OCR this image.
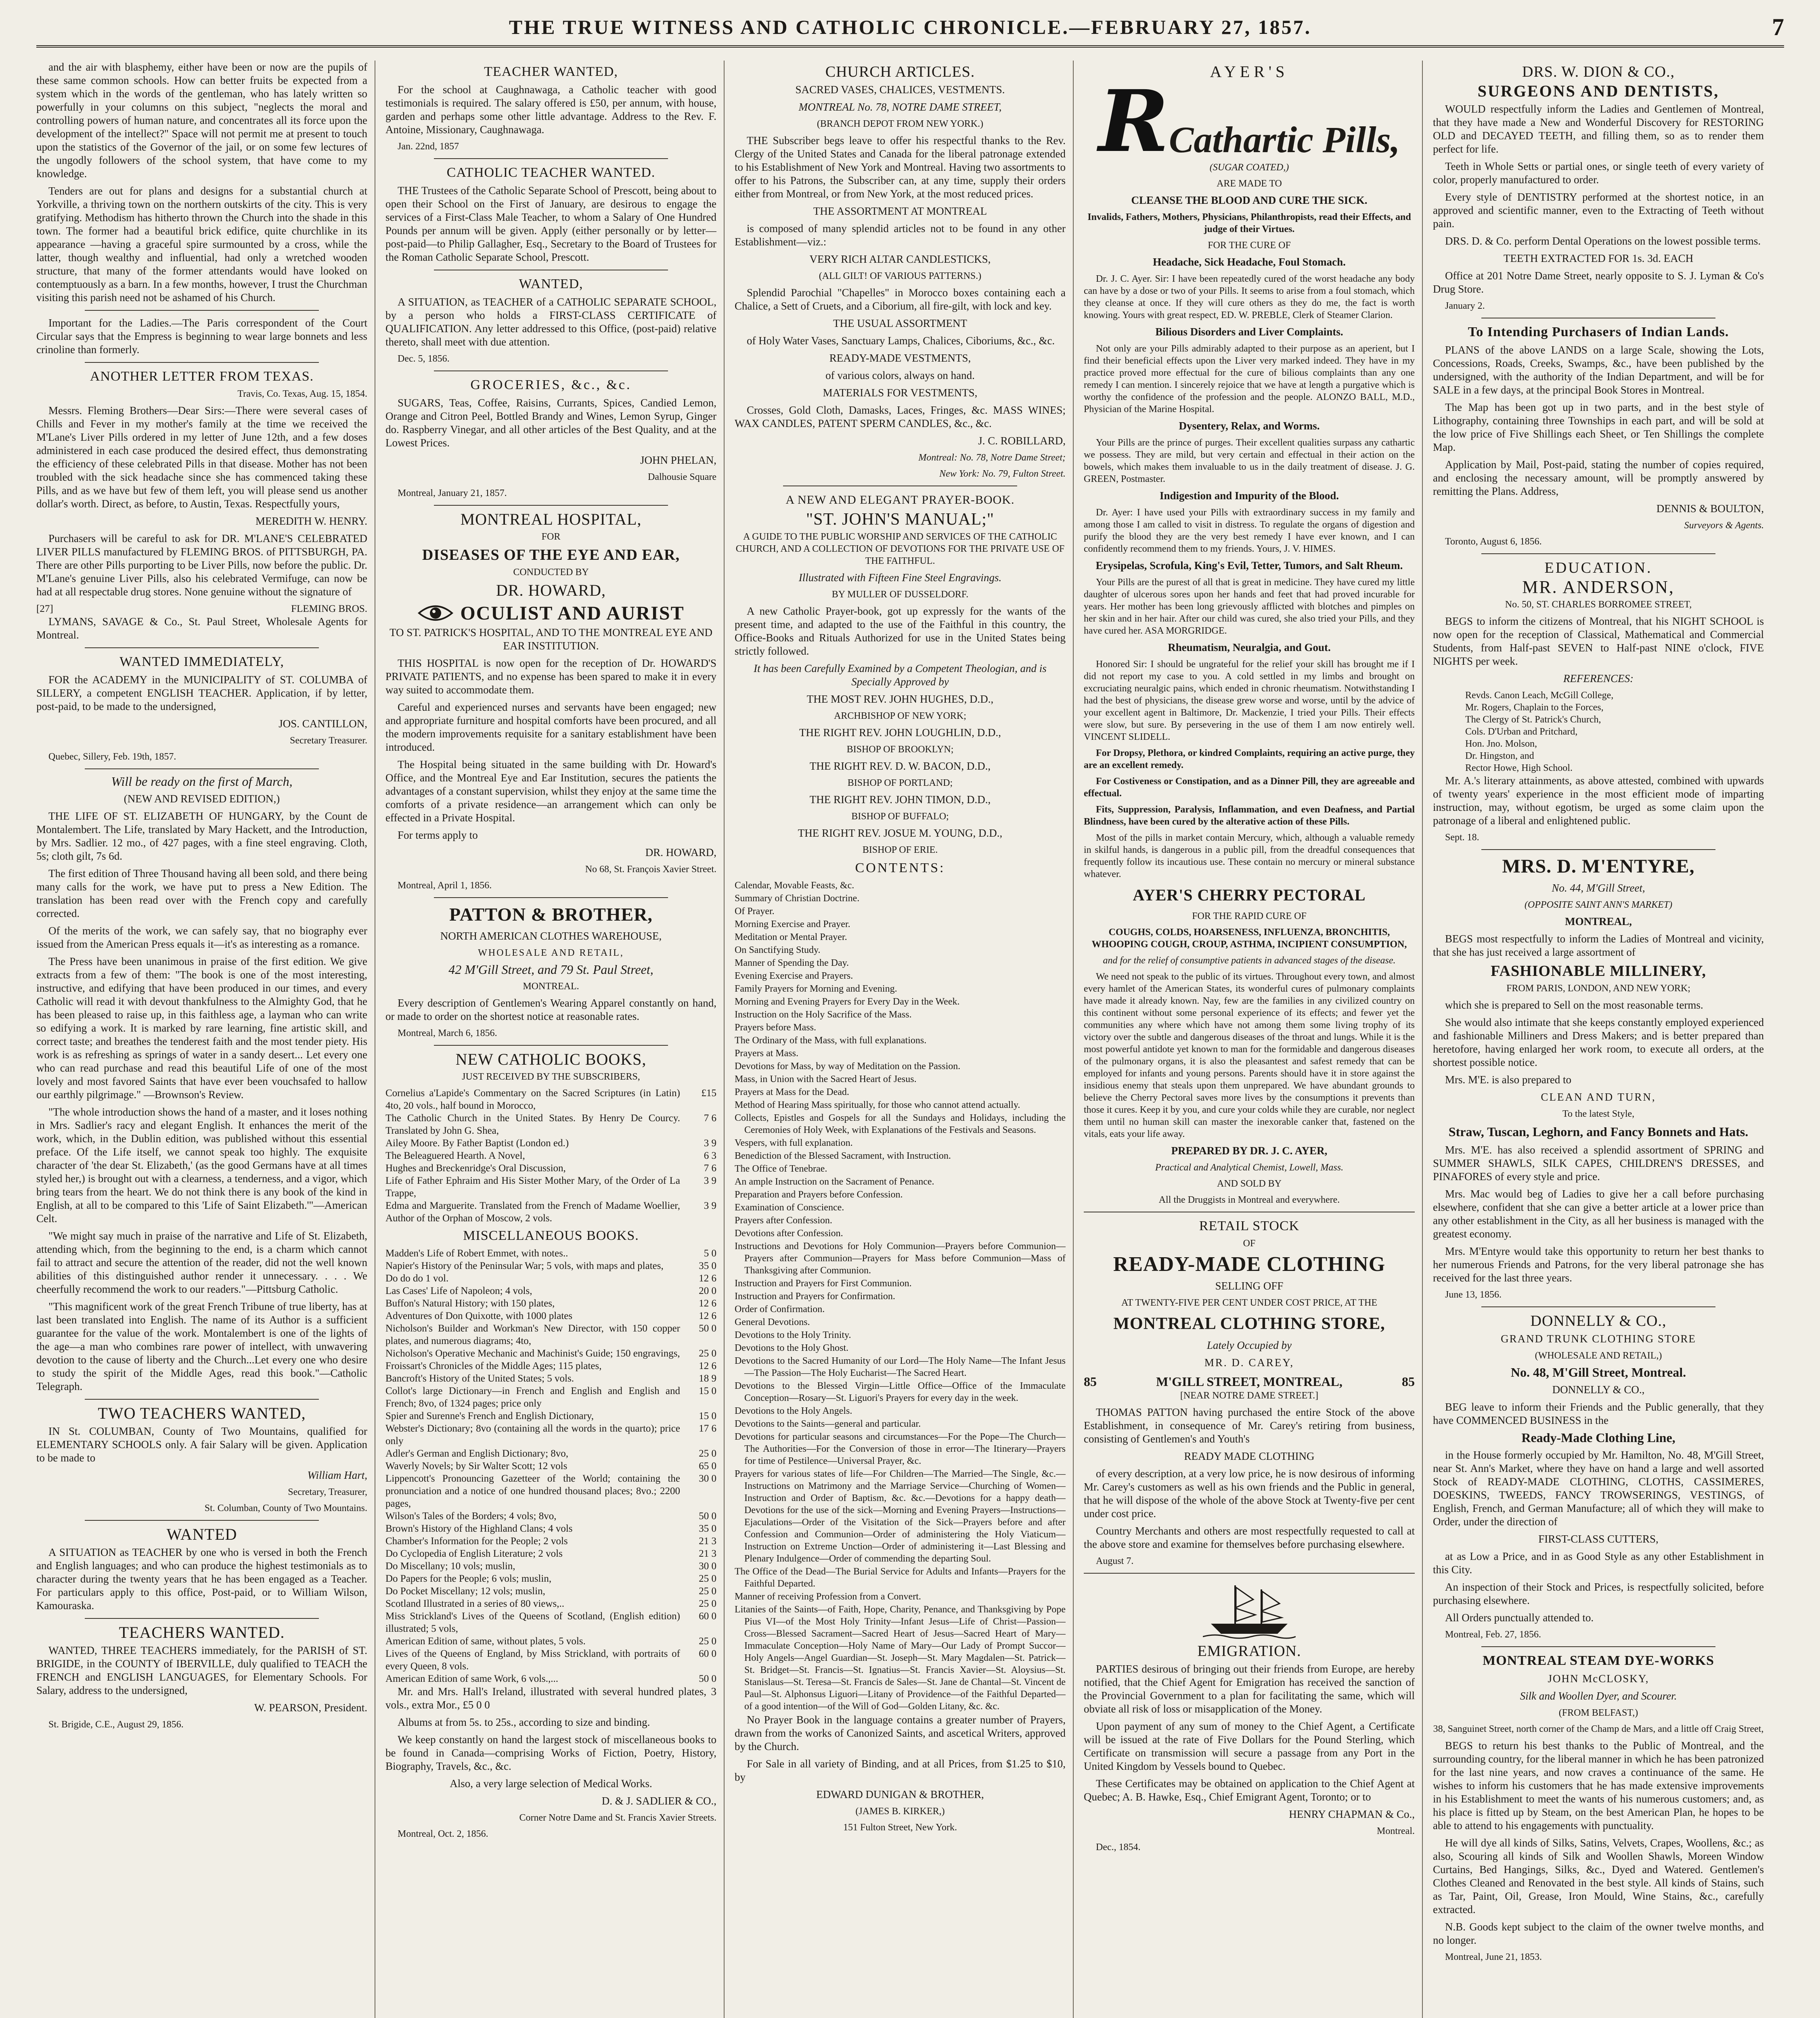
THE TRUE WITNESS AND CATHOLIC CHRONICLE.—FEBRUARY 27, 1857.	7

and the air with blasphemy, either have been or now are the pupils of these same common schools. How can better fruits be expected from a system which in the words of the gentleman, who has lately written so powerfully in your columns on this subject, "neglects the moral and controlling powers of human nature, and concentrates all its force upon the development of the intellect?" Space will not permit me at present to touch upon the statistics of the Governor of the jail, or on some few lectures of the ungodly followers of the school system, that have come to my knowledge.

Tenders are out for plans and designs for a substantial church at Yorkville, a thriving town on the northern outskirts of the city. This is very gratifying. Methodism has hitherto thrown the Church into the shade in this town. The former had a beautiful brick edifice, quite churchlike in its appearance —having a graceful spire surmounted by a cross, while the latter, though wealthy and influential, had only a wretched wooden structure, that many of the former attendants would have looked on contemptuously as a barn. In a few months, however, I trust the Churchman visiting this parish need not be ashamed of his Church.

Important for the Ladies.—The Paris correspondent of the Court Circular says that the Empress is beginning to wear large bonnets and less crinoline than formerly.

ANOTHER LETTER FROM TEXAS.

Travis, Co. Texas, Aug. 15, 1854.

Messrs. Fleming Brothers—Dear Sirs:—There were several cases of Chills and Fever in my mother's family at the time we received the M'Lane's Liver Pills ordered in my letter of June 12th, and a few doses administered in each case produced the desired effect, thus demonstrating the efficiency of these celebrated Pills in that disease. Mother has not been troubled with the sick headache since she has commenced taking these Pills, and as we have but few of them left, you will please send us another dollar's worth. Direct, as before, to Austin, Texas. Respectfully yours,

MEREDITH W. HENRY.

Purchasers will be careful to ask for DR. M'LANE'S CELEBRATED LIVER PILLS manufactured by FLEMING BROS. of PITTSBURGH, PA. There are other Pills purporting to be Liver Pills, now before the public. Dr. M'Lane's genuine Liver Pills, also his celebrated Vermifuge, can now be had at all respectable drug stores. None genuine without the signature of

[27]	FLEMING BROS.

LYMANS, SAVAGE & Co., St. Paul Street, Wholesale Agents for Montreal.

WANTED IMMEDIATELY,

FOR the ACADEMY in the MUNICIPALITY of ST. COLUMBA of SILLERY, a competent ENGLISH TEACHER. Application, if by letter, post-paid, to be made to the undersigned,

JOS. CANTILLON,

Secretary Treasurer.

Quebec, Sillery, Feb. 19th, 1857.

Will be ready on the first of March,

(NEW AND REVISED EDITION,)

THE LIFE OF ST. ELIZABETH OF HUNGARY, by the Count de Montalembert. The Life, translated by Mary Hackett, and the Introduction, by Mrs. Sadlier. 12 mo., of 427 pages, with a fine steel engraving. Cloth, 5s; cloth gilt, 7s 6d.

The first edition of Three Thousand having all been sold, and there being many calls for the work, we have put to press a New Edition. The translation has been read over with the French copy and carefully corrected.

Of the merits of the work, we can safely say, that no biography ever issued from the American Press equals it—it's as interesting as a romance.

The Press have been unanimous in praise of the first edition. We give extracts from a few of them: "The book is one of the most interesting, instructive, and edifying that have been produced in our times, and every Catholic will read it with devout thankfulness to the Almighty God, that he has been pleased to raise up, in this faithless age, a layman who can write so edifying a work. It is marked by rare learning, fine artistic skill, and correct taste; and breathes the tenderest faith and the most tender piety. His work is as refreshing as springs of water in a sandy desert... Let every one who can read purchase and read this beautiful Life of one of the most lovely and most favored Saints that have ever been vouchsafed to hallow our earthly pilgrimage." —Brownson's Review.

"The whole introduction shows the hand of a master, and it loses nothing in Mrs. Sadlier's racy and elegant English. It enhances the merit of the work, which, in the Dublin edition, was published without this essential preface. Of the Life itself, we cannot speak too highly. The exquisite character of 'the dear St. Elizabeth,' (as the good Germans have at all times styled her,) is brought out with a clearness, a tenderness, and a vigor, which bring tears from the heart. We do not think there is any book of the kind in English, at all to be compared to this 'Life of Saint Elizabeth.'"—American Celt.

"We might say much in praise of the narrative and Life of St. Elizabeth, attending which, from the beginning to the end, is a charm which cannot fail to attract and secure the attention of the reader, did not the well known abilities of this distinguished author render it unnecessary. . . . We cheerfully recommend the work to our readers."—Pittsburg Catholic.

"This magnificent work of the great French Tribune of true liberty, has at last been translated into English. The name of its Author is a sufficient guarantee for the value of the work. Montalembert is one of the lights of the age—a man who combines rare power of intellect, with unwavering devotion to the cause of liberty and the Church...Let every one who desire to study the spirit of the Middle Ages, read this book."—Catholic Telegraph.

TWO TEACHERS WANTED,

IN St. COLUMBAN, County of Two Mountains, qualified for ELEMENTARY SCHOOLS only. A fair Salary will be given. Application to be made to

William Hart,

Secretary, Treasurer,

St. Columban, County of Two Mountains.

WANTED

A SITUATION as TEACHER by one who is versed in both the French and English languages; and who can produce the highest testimonials as to character during the twenty years that he has been engaged as a Teacher. For particulars apply to this office, Post-paid, or to William Wilson, Kamouraska.

TEACHERS WANTED.

WANTED, THREE TEACHERS immediately, for the PARISH of ST. BRIGIDE, in the COUNTY of IBERVILLE, duly qualified to TEACH the FRENCH and ENGLISH LANGUAGES, for Elementary Schools. For Salary, address to the undersigned,

W. PEARSON, President.

St. Brigide, C.E., August 29, 1856.

TEACHER WANTED,

For the school at Caughnawaga, a Catholic teacher with good testimonials is required. The salary offered is £50, per annum, with house, garden and perhaps some other little advantage. Address to the Rev. F. Antoine, Missionary, Caughnawaga.

Jan. 22nd, 1857

CATHOLIC TEACHER WANTED.

THE Trustees of the Catholic Separate School of Prescott, being about to open their School on the First of January, are desirous to engage the services of a First-Class Male Teacher, to whom a Salary of One Hundred Pounds per annum will be given. Apply (either personally or by letter—post-paid—to Philip Gallagher, Esq., Secretary to the Board of Trustees for the Roman Catholic Separate School, Prescott.

WANTED,

A SITUATION, as TEACHER of a CATHOLIC SEPARATE SCHOOL, by a person who holds a FIRST-CLASS CERTIFICATE of QUALIFICATION. Any letter addressed to this Office, (post-paid) relative thereto, shall meet with due attention.

Dec. 5, 1856.

GROCERIES, &c., &c.

SUGARS, Teas, Coffee, Raisins, Currants, Spices, Candied Lemon, Orange and Citron Peel, Bottled Brandy and Wines, Lemon Syrup, Ginger do. Raspberry Vinegar, and all other articles of the Best Quality, and at the Lowest Prices.

JOHN PHELAN,

Dalhousie Square

Montreal, January 21, 1857.

MONTREAL HOSPITAL,

FOR

DISEASES OF THE EYE AND EAR,

CONDUCTED BY

DR. HOWARD,
OCULIST AND AURIST

TO ST. PATRICK'S HOSPITAL, AND TO THE MONTREAL EYE AND EAR INSTITUTION.

THIS HOSPITAL is now open for the reception of Dr. HOWARD'S PRIVATE PATIENTS, and no expense has been spared to make it in every way suited to accommodate them.

Careful and experienced nurses and servants have been engaged; new and appropriate furniture and hospital comforts have been procured, and all the modern improvements requisite for a sanitary establishment have been introduced.

The Hospital being situated in the same building with Dr. Howard's Office, and the Montreal Eye and Ear Institution, secures the patients the advantages of a constant supervision, whilst they enjoy at the same time the comforts of a private residence—an arrangement which can only be effected in a Private Hospital.

For terms apply to

DR. HOWARD,

No 68, St. François Xavier Street.

Montreal, April 1, 1856.

PATTON & BROTHER,

NORTH AMERICAN CLOTHES WAREHOUSE,

WHOLESALE AND RETAIL,

42 M'Gill Street, and 79 St. Paul Street,

MONTREAL.

Every description of Gentlemen's Wearing Apparel constantly on hand, or made to order on the shortest notice at reasonable rates.

Montreal, March 6, 1856.

NEW CATHOLIC BOOKS,

JUST RECEIVED BY THE SUBSCRIBERS,

Cornelius a'Lapide's Commentary on the Sacred Scriptures (in Latin) 4to, 20 vols., half bound in Morocco,
£15
The Catholic Church in the United States. By Henry De Courcy. Translated by John G. Shea,
7 6
Ailey Moore. By Father Baptist (London ed.)	3 9
The Beleaguered Hearth. A Novel,	6 3
Hughes and Breckenridge's Oral Discussion,	7 6
Life of Father Ephraim and His Sister Mother Mary, of the Order of La Trappe,
3 9
Edma and Marguerite. Translated from the French of Madame Woellier, Author of the Orphan of Moscow, 2 vols.
3 9
MISCELLANEOUS BOOKS.
Madden's Life of Robert Emmet, with notes..	5 0
Napier's History of the Peninsular War; 5 vols, with maps and plates,	35 0
Do do do 1 vol.	12 6
Las Cases' Life of Napoleon; 4 vols,	20 0
Buffon's Natural History; with 150 plates,	12 6
Adventures of Don Quixotte, with 1000 plates	12 6
Nicholson's Builder and Workman's New Director, with 150 copper plates, and numerous diagrams; 4to,
50 0
Nicholson's Operative Mechanic and Machinist's Guide; 150 engravings,	25 0
Froissart's Chronicles of the Middle Ages; 115 plates,	12 6
Bancroft's History of the United States; 5 vols.	18 9
Collot's large Dictionary—in French and English and English and French; 8vo, of 1324 pages; price only
15 0
Spier and Surenne's French and English Dictionary,	15 0
Webster's Dictionary; 8vo (containing all the words in the quarto); price only
17 6
Adler's German and English Dictionary; 8vo,	25 0
Waverly Novels; by Sir Walter Scott; 12 vols	65 0
Lippencott's Pronouncing Gazetteer of the World; containing the pronunciation and a notice of one hundred thousand places; 8vo.; 2200 pages,
30 0
Wilson's Tales of the Borders; 4 vols; 8vo,	50 0
Brown's History of the Highland Clans; 4 vols	35 0
Chamber's Information for the People; 2 vols	21 3
Do Cyclopedia of English Literature; 2 vols	21 3
Do Miscellany; 10 vols; muslin,	30 0
Do Papers for the People; 6 vols; muslin,	25 0
Do Pocket Miscellany; 12 vols; muslin,	25 0
Scotland Illustrated in a series of 80 views,..	25 0
Miss Strickland's Lives of the Queens of Scotland, (English edition) illustrated; 5 vols,
60 0
American Edition of same, without plates, 5 vols.	25 0
Lives of the Queens of England, by Miss Strickland, with portraits of every Queen, 8 vols.
60 0
American Edition of same Work, 6 vols.,...	50 0

Mr. and Mrs. Hall's Ireland, illustrated with several hundred plates, 3 vols., extra Mor., £5 0 0

Albums at from 5s. to 25s., according to size and binding.

We keep constantly on hand the largest stock of miscellaneous books to be found in Canada—comprising Works of Fiction, Poetry, History, Biography, Travels, &c., &c.

Also, a very large selection of Medical Works.

D. & J. SADLIER & CO.,

Corner Notre Dame and St. Francis Xavier Streets.

Montreal, Oct. 2, 1856.

CHURCH ARTICLES.

SACRED VASES, CHALICES, VESTMENTS.

MONTREAL No. 78, NOTRE DAME STREET,

(BRANCH DEPOT FROM NEW YORK.)

THE Subscriber begs leave to offer his respectful thanks to the Rev. Clergy of the United States and Canada for the liberal patronage extended to his Establishment of New York and Montreal. Having two assortments to offer to his Patrons, the Subscriber can, at any time, supply their orders either from Montreal, or from New York, at the most reduced prices.

THE ASSORTMENT AT MONTREAL

is composed of many splendid articles not to be found in any other Establishment—viz.:

VERY RICH ALTAR CANDLESTICKS,

(ALL GILT! OF VARIOUS PATTERNS.)

Splendid Parochial "Chapelles" in Morocco boxes containing each a Chalice, a Sett of Cruets, and a Ciborium, all fire-gilt, with lock and key.

THE USUAL ASSORTMENT

of Holy Water Vases, Sanctuary Lamps, Chalices, Ciboriums, &c., &c.

READY-MADE VESTMENTS,

of various colors, always on hand.

MATERIALS FOR VESTMENTS,

Crosses, Gold Cloth, Damasks, Laces, Fringes, &c. MASS WINES; WAX CANDLES, PATENT SPERM CANDLES, &c., &c.

J. C. ROBILLARD,

Montreal: No. 78, Notre Dame Street;

New York: No. 79, Fulton Street.

A NEW AND ELEGANT PRAYER-BOOK.
"ST. JOHN'S MANUAL;"

A GUIDE TO THE PUBLIC WORSHIP AND SERVICES OF THE CATHOLIC CHURCH, AND A COLLECTION OF DEVOTIONS FOR THE PRIVATE USE OF THE FAITHFUL.

Illustrated with Fifteen Fine Steel Engravings.

BY MULLER OF DUSSELDORF.

A new Catholic Prayer-book, got up expressly for the wants of the present time, and adapted to the use of the Faithful in this country, the Office-Books and Rituals Authorized for use in the United States being strictly followed.

It has been Carefully Examined by a Competent Theologian, and is Specially Approved by

THE MOST REV. JOHN HUGHES, D.D.,

ARCHBISHOP OF NEW YORK;

THE RIGHT REV. JOHN LOUGHLIN, D.D.,

BISHOP OF BROOKLYN;

THE RIGHT REV. D. W. BACON, D.D.,

BISHOP OF PORTLAND;

THE RIGHT REV. JOHN TIMON, D.D.,

BISHOP OF BUFFALO;

THE RIGHT REV. JOSUE M. YOUNG, D.D.,

BISHOP OF ERIE.

CONTENTS:

Calendar, Movable Feasts, &c.

Summary of Christian Doctrine.

Of Prayer.

Morning Exercise and Prayer.

Meditation or Mental Prayer.

On Sanctifying Study.

Manner of Spending the Day.

Evening Exercise and Prayers.

Family Prayers for Morning and Evening.

Morning and Evening Prayers for Every Day in the Week.

Instruction on the Holy Sacrifice of the Mass.

Prayers before Mass.

The Ordinary of the Mass, with full explanations.

Prayers at Mass.

Devotions for Mass, by way of Meditation on the Passion.

Mass, in Union with the Sacred Heart of Jesus.

Prayers at Mass for the Dead.

Method of Hearing Mass spiritually, for those who cannot attend actually.

Collects, Epistles and Gospels for all the Sundays and Holidays, including the Ceremonies of Holy Week, with Explanations of the Festivals and Seasons.

Vespers, with full explanation.

Benediction of the Blessed Sacrament, with Instruction.

The Office of Tenebrae.

An ample Instruction on the Sacrament of Penance.

Preparation and Prayers before Confession.

Examination of Conscience.

Prayers after Confession.

Devotions after Confession.

Instructions and Devotions for Holy Communion—Prayers before Communion—Prayers after Communion—Prayers for Mass before Communion—Mass of Thanksgiving after Communion.

Instruction and Prayers for First Communion.

Instruction and Prayers for Confirmation.

Order of Confirmation.

General Devotions.

Devotions to the Holy Trinity.

Devotions to the Holy Ghost.

Devotions to the Sacred Humanity of our Lord—The Holy Name—The Infant Jesus—The Passion—The Holy Eucharist—The Sacred Heart.

Devotions to the Blessed Virgin—Little Office—Office of the Immaculate Conception—Rosary—St. Liguori's Prayers for every day in the week.

Devotions to the Holy Angels.

Devotions to the Saints—general and particular.

Devotions for particular seasons and circumstances—For the Pope—The Church—The Authorities—For the Conversion of those in error—The Itinerary—Prayers for time of Pestilence—Universal Prayer, &c.

Prayers for various states of life—For Children—The Married—The Single, &c.—Instructions on Matrimony and the Marriage Service—Churching of Women—Instruction and Order of Baptism, &c. &c.—Devotions for a happy death—Devotions for the use of the sick—Morning and Evening Prayers—Instructions—Ejaculations—Order of the Visitation of the Sick—Prayers before and after Confession and Communion—Order of administering the Holy Viaticum—Instruction on Extreme Unction—Order of administering it—Last Blessing and Plenary Indulgence—Order of commending the departing Soul.

The Office of the Dead—The Burial Service for Adults and Infants—Prayers for the Faithful Departed.

Manner of receiving Profession from a Convert.

Litanies of the Saints—of Faith, Hope, Charity, Penance, and Thanksgiving by Pope Pius VI—of the Most Holy Trinity—Infant Jesus—Life of Christ—Passion—Cross—Blessed Sacrament—Sacred Heart of Jesus—Sacred Heart of Mary—Immaculate Conception—Holy Name of Mary—Our Lady of Prompt Succor—Holy Angels—Angel Guardian—St. Joseph—St. Mary Magdalen—St. Patrick—St. Bridget—St. Francis—St. Ignatius—St. Francis Xavier—St. Aloysius—St. Stanislaus—St. Teresa—St. Francis de Sales—St. Jane de Chantal—St. Vincent de Paul—St. Alphonsus Liguori—Litany of Providence—of the Faithful Departed—of a good intention—of the Will of God—Golden Litany, &c. &c.

No Prayer Book in the language contains a greater number of Prayers, drawn from the works of Canonized Saints, and ascetical Writers, approved by the Church.

For Sale in all variety of Binding, and at all Prices, from $1.25 to $10, by

EDWARD DUNIGAN & BROTHER,

(JAMES B. KIRKER,)

151 Fulton Street, New York.

AYER'S
R Cathartic Pills,

(SUGAR COATED,)

ARE MADE TO

CLEANSE THE BLOOD AND CURE THE SICK.

Invalids, Fathers, Mothers, Physicians, Philanthropists, read their Effects, and judge of their Virtues.

FOR THE CURE OF

Headache, Sick Headache, Foul Stomach.

Dr. J. C. Ayer. Sir: I have been repeatedly cured of the worst headache any body can have by a dose or two of your Pills. It seems to arise from a foul stomach, which they cleanse at once. If they will cure others as they do me, the fact is worth knowing. Yours with great respect, ED. W. PREBLE, Clerk of Steamer Clarion.

Bilious Disorders and Liver Complaints.

Not only are your Pills admirably adapted to their purpose as an aperient, but I find their beneficial effects upon the Liver very marked indeed. They have in my practice proved more effectual for the cure of bilious complaints than any one remedy I can mention. I sincerely rejoice that we have at length a purgative which is worthy the confidence of the profession and the people. ALONZO BALL, M.D., Physician of the Marine Hospital.

Dysentery, Relax, and Worms.

Your Pills are the prince of purges. Their excellent qualities surpass any cathartic we possess. They are mild, but very certain and effectual in their action on the bowels, which makes them invaluable to us in the daily treatment of disease. J. G. GREEN, Postmaster.

Indigestion and Impurity of the Blood.

Dr. Ayer: I have used your Pills with extraordinary success in my family and among those I am called to visit in distress. To regulate the organs of digestion and purify the blood they are the very best remedy I have ever known, and I can confidently recommend them to my friends. Yours, J. V. HIMES.

Erysipelas, Scrofula, King's Evil, Tetter, Tumors, and Salt Rheum.

Your Pills are the purest of all that is great in medicine. They have cured my little daughter of ulcerous sores upon her hands and feet that had proved incurable for years. Her mother has been long grievously afflicted with blotches and pimples on her skin and in her hair. After our child was cured, she also tried your Pills, and they have cured her. ASA MORGRIDGE.

Rheumatism, Neuralgia, and Gout.

Honored Sir: I should be ungrateful for the relief your skill has brought me if I did not report my case to you. A cold settled in my limbs and brought on excruciating neuralgic pains, which ended in chronic rheumatism. Notwithstanding I had the best of physicians, the disease grew worse and worse, until by the advice of your excellent agent in Baltimore, Dr. Mackenzie, I tried your Pills. Their effects were slow, but sure. By persevering in the use of them I am now entirely well. VINCENT SLIDELL.

For Dropsy, Plethora, or kindred Complaints, requiring an active purge, they are an excellent remedy.

For Costiveness or Constipation, and as a Dinner Pill, they are agreeable and effectual.

Fits, Suppression, Paralysis, Inflammation, and even Deafness, and Partial Blindness, have been cured by the alterative action of these Pills.

Most of the pills in market contain Mercury, which, although a valuable remedy in skilful hands, is dangerous in a public pill, from the dreadful consequences that frequently follow its incautious use. These contain no mercury or mineral substance whatever.

AYER'S CHERRY PECTORAL

FOR THE RAPID CURE OF

COUGHS, COLDS, HOARSENESS, INFLUENZA, BRONCHITIS, WHOOPING COUGH, CROUP, ASTHMA, INCIPIENT CONSUMPTION,

and for the relief of consumptive patients in advanced stages of the disease.

We need not speak to the public of its virtues. Throughout every town, and almost every hamlet of the American States, its wonderful cures of pulmonary complaints have made it already known. Nay, few are the families in any civilized country on this continent without some personal experience of its effects; and fewer yet the communities any where which have not among them some living trophy of its victory over the subtle and dangerous diseases of the throat and lungs. While it is the most powerful antidote yet known to man for the formidable and dangerous diseases of the pulmonary organs, it is also the pleasantest and safest remedy that can be employed for infants and young persons. Parents should have it in store against the insidious enemy that steals upon them unprepared. We have abundant grounds to believe the Cherry Pectoral saves more lives by the consumptions it prevents than those it cures. Keep it by you, and cure your colds while they are curable, nor neglect them until no human skill can master the inexorable canker that, fastened on the vitals, eats your life away.

PREPARED BY DR. J. C. AYER,

Practical and Analytical Chemist, Lowell, Mass.

AND SOLD BY

All the Druggists in Montreal and everywhere.

RETAIL STOCK

OF

READY-MADE CLOTHING

SELLING OFF

AT TWENTY-FIVE PER CENT UNDER COST PRICE, AT THE

MONTREAL CLOTHING STORE,

Lately Occupied by

MR. D. CAREY,

85	M'GILL STREET, MONTREAL,	85

[NEAR NOTRE DAME STREET.]

THOMAS PATTON having purchased the entire Stock of the above Establishment, in consequence of Mr. Carey's retiring from business, consisting of Gentlemen's and Youth's

READY MADE CLOTHING

of every description, at a very low price, he is now desirous of informing Mr. Carey's customers as well as his own friends and the Public in general, that he will dispose of the whole of the above Stock at Twenty-five per cent under cost price.

Country Merchants and others are most respectfully requested to call at the above store and examine for themselves before purchasing elsewhere.

August 7.

EMIGRATION.

PARTIES desirous of bringing out their friends from Europe, are hereby notified, that the Chief Agent for Emigration has received the sanction of the Provincial Government to a plan for facilitating the same, which will obviate all risk of loss or misapplication of the Money.

Upon payment of any sum of money to the Chief Agent, a Certificate will be issued at the rate of Five Dollars for the Pound Sterling, which Certificate on transmission will secure a passage from any Port in the United Kingdom by Vessels bound to Quebec.

These Certificates may be obtained on application to the Chief Agent at Quebec; A. B. Hawke, Esq., Chief Emigrant Agent, Toronto; or to

HENRY CHAPMAN & Co.,

Montreal.

Dec., 1854.

DRS. W. DION & CO.,
SURGEONS AND DENTISTS,

WOULD respectfully inform the Ladies and Gentlemen of Montreal, that they have made a New and Wonderful Discovery for RESTORING OLD and DECAYED TEETH, and filling them, so as to render them perfect for life.

Teeth in Whole Setts or partial ones, or single teeth of every variety of color, properly manufactured to order.

Every style of DENTISTRY performed at the shortest notice, in an approved and scientific manner, even to the Extracting of Teeth without pain.

DRS. D. & Co. perform Dental Operations on the lowest possible terms.

TEETH EXTRACTED FOR 1s. 3d. EACH

Office at 201 Notre Dame Street, nearly opposite to S. J. Lyman & Co's Drug Store.

January 2.

To Intending Purchasers of Indian Lands.

PLANS of the above LANDS on a large Scale, showing the Lots, Concessions, Roads, Creeks, Swamps, &c., have been published by the undersigned, with the authority of the Indian Department, and will be for SALE in a few days, at the principal Book Stores in Montreal.

The Map has been got up in two parts, and in the best style of Lithography, containing three Townships in each part, and will be sold at the low price of Five Shillings each Sheet, or Ten Shillings the complete Map.

Application by Mail, Post-paid, stating the number of copies required, and enclosing the necessary amount, will be promptly answered by remitting the Plans. Address,

DENNIS & BOULTON,

Surveyors & Agents.

Toronto, August 6, 1856.

EDUCATION.
MR. ANDERSON,

No. 50, ST. CHARLES BORROMEE STREET,

BEGS to inform the citizens of Montreal, that his NIGHT SCHOOL is now open for the reception of Classical, Mathematical and Commercial Students, from Half-past SEVEN to Half-past NINE o'clock, FIVE NIGHTS per week.

REFERENCES:

Revds. Canon Leach, McGill College,

Mr. Rogers, Chaplain to the Forces,

The Clergy of St. Patrick's Church,

Cols. D'Urban and Pritchard,

Hon. Jno. Molson,

Dr. Hingston, and

Rector Howe, High School.

Mr. A.'s literary attainments, as above attested, combined with upwards of twenty years' experience in the most efficient mode of imparting instruction, may, without egotism, be urged as some claim upon the patronage of a liberal and enlightened public.

Sept. 18.

MRS. D. M'ENTYRE,

No. 44, M'Gill Street,

(OPPOSITE SAINT ANN'S MARKET)

MONTREAL,

BEGS most respectfully to inform the Ladies of Montreal and vicinity, that she has just received a large assortment of

FASHIONABLE MILLINERY,

FROM PARIS, LONDON, AND NEW YORK;

which she is prepared to Sell on the most reasonable terms.

She would also intimate that she keeps constantly employed experienced and fashionable Milliners and Dress Makers; and is better prepared than heretofore, having enlarged her work room, to execute all orders, at the shortest possible notice.

Mrs. M'E. is also prepared to

CLEAN AND TURN,

To the latest Style,

Straw, Tuscan, Leghorn, and Fancy Bonnets and Hats.

Mrs. M'E. has also received a splendid assortment of SPRING and SUMMER SHAWLS, SILK CAPES, CHILDREN'S DRESSES, and PINAFORES of every style and price.

Mrs. Mac would beg of Ladies to give her a call before purchasing elsewhere, confident that she can give a better article at a lower price than any other establishment in the City, as all her business is managed with the greatest economy.

Mrs. M'Entyre would take this opportunity to return her best thanks to her numerous Friends and Patrons, for the very liberal patronage she has received for the last three years.

June 13, 1856.

DONNELLY & CO.,

GRAND TRUNK CLOTHING STORE

(WHOLESALE AND RETAIL,)

No. 48, M'Gill Street, Montreal.

DONNELLY & CO.,

BEG leave to inform their Friends and the Public generally, that they have COMMENCED BUSINESS in the

Ready-Made Clothing Line,

in the House formerly occupied by Mr. Hamilton, No. 48, M'Gill Street, near St. Ann's Market, where they have on hand a large and well assorted Stock of READY-MADE CLOTHING, CLOTHS, CASSIMERES, DOESKINS, TWEEDS, FANCY TROWSERINGS, VESTINGS, of English, French, and German Manufacture; all of which they will make to Order, under the direction of

FIRST-CLASS CUTTERS,

at as Low a Price, and in as Good Style as any other Establishment in this City.

An inspection of their Stock and Prices, is respectfully solicited, before purchasing elsewhere.

All Orders punctually attended to.

Montreal, Feb. 27, 1856.

MONTREAL STEAM DYE-WORKS

JOHN McCLOSKY,

Silk and Woollen Dyer, and Scourer.

(FROM BELFAST,)

38, Sanguinet Street, north corner of the Champ de Mars, and a little off Craig Street,

BEGS to return his best thanks to the Public of Montreal, and the surrounding country, for the liberal manner in which he has been patronized for the last nine years, and now craves a continuance of the same. He wishes to inform his customers that he has made extensive improvements in his Establishment to meet the wants of his numerous customers; and, as his place is fitted up by Steam, on the best American Plan, he hopes to be able to attend to his engagements with punctuality.

He will dye all kinds of Silks, Satins, Velvets, Crapes, Woollens, &c.; as also, Scouring all kinds of Silk and Woollen Shawls, Moreen Window Curtains, Bed Hangings, Silks, &c., Dyed and Watered. Gentlemen's Clothes Cleaned and Renovated in the best style. All kinds of Stains, such as Tar, Paint, Oil, Grease, Iron Mould, Wine Stains, &c., carefully extracted.

N.B. Goods kept subject to the claim of the owner twelve months, and no longer.

Montreal, June 21, 1853.
